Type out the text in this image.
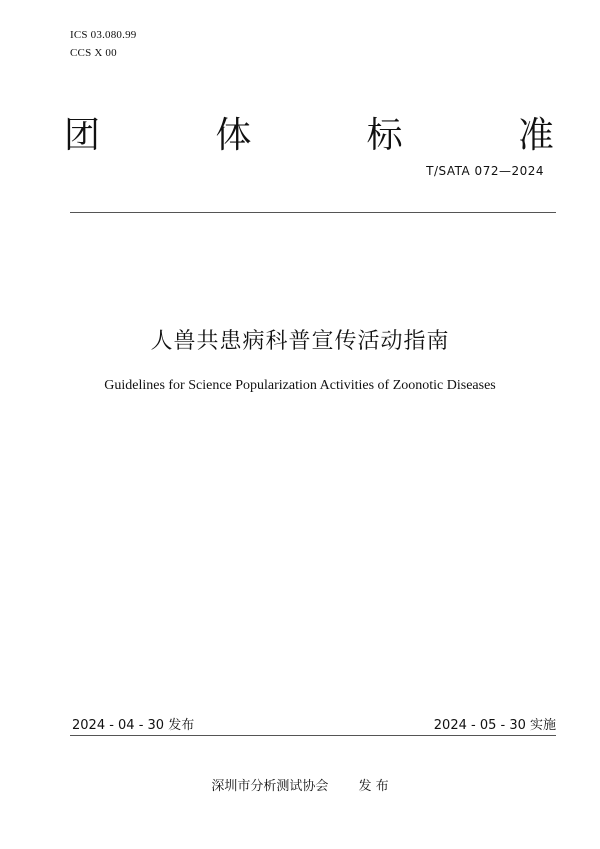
ICS 03.080.99
CCS X 00
团	体	标	准
T/SATA 072—2024
人兽共患病科普宣传活动指南
Guidelines for Science Popularization Activities of Zoonotic Diseases
2024 - 04 - 30 发布	2024 - 05 - 30 实施
深圳市分析测试协会 发 布
